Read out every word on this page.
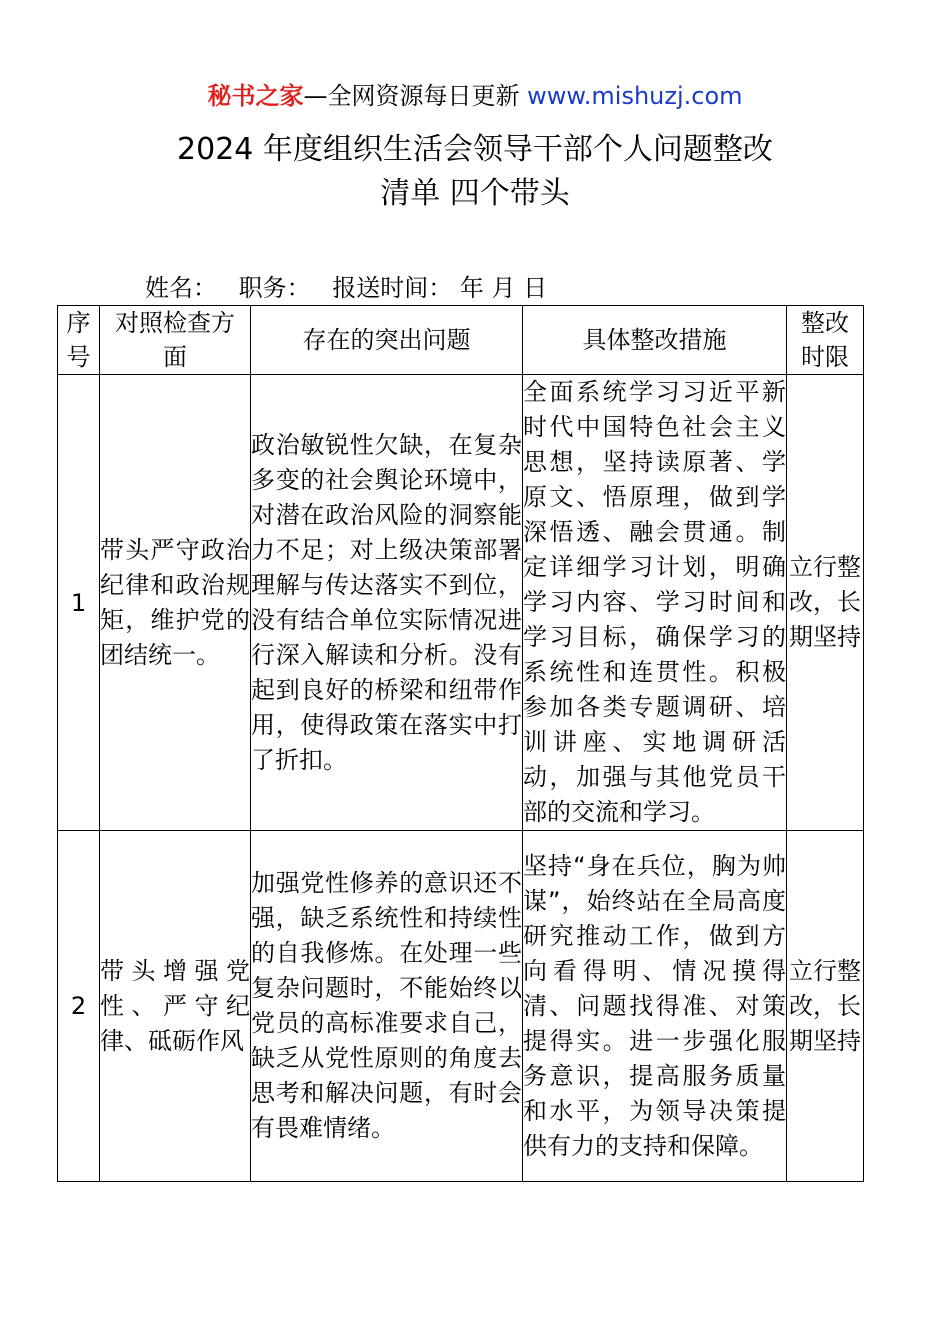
秘书之家—全网资源每日更新 www.mishuzj.com
2024 年度组织生活会领导干部个人问题整改
清单 四个带头
姓名： 职务： 报送时间： 年 月 日
序号	对照检查方面	存在的突出问题	具体整改措施	整改时限
1	带头严守政治纪律和政治规矩，维护党的团结统一。	政治敏锐性欠缺，在复杂多变的社会舆论环境中，对潜在政治风险的洞察能力不足；对上级决策部署理解与传达落实不到位，没有结合单位实际情况进行深入解读和分析。没有起到良好的桥梁和纽带作用，使得政策在落实中打了折扣。	全面系统学习习近平新时代中国特色社会主义思想，坚持读原著、学原文、悟原理，做到学深悟透、融会贯通。制定详细学习计划，明确学习内容、学习时间和学习目标，确保学习的系统性和连贯性。积极参加各类专题调研、培训讲座、实地调研活动，加强与其他党员干部的交流和学习。	立行整改，长期坚持
2	带头增强党性、严守纪律、砥砺作风	加强党性修养的意识还不强，缺乏系统性和持续性的自我修炼。在处理一些复杂问题时，不能始终以党员的高标准要求自己，缺乏从党性原则的角度去思考和解决问题，有时会有畏难情绪。	坚持“身在兵位，胸为帅谋”，始终站在全局高度研究推动工作，做到方向看得明、情况摸得清、问题找得准、对策提得实。进一步强化服务意识，提高服务质量和水平，为领导决策提供有力的支持和保障。	立行整改，长期坚持
